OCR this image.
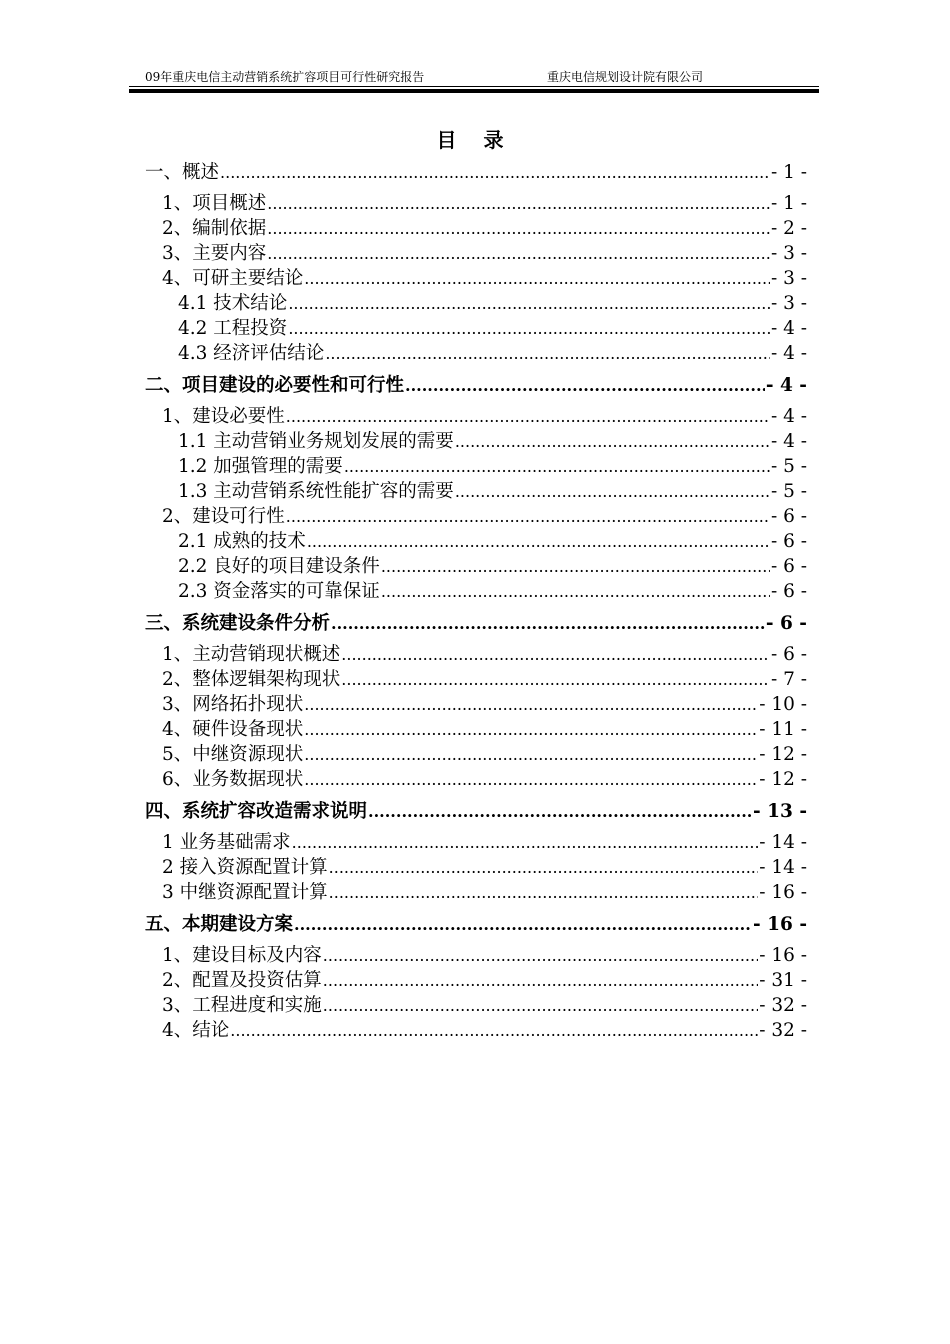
09年重庆电信主动营销系统扩容项目可行性研究报告	重庆电信规划设计院有限公司
目 录
一、概述 .....	- 1 -
1、项目概述 .....	- 1 -
2、编制依据 .....	- 2 -
3、主要内容 .....	- 3 -
4、可研主要结论 .....	- 3 -
4.1 技术结论 .....	- 3 -
4.2 工程投资 .....	- 4 -
4.3 经济评估结论 .....	- 4 -
二、项目建设的必要性和可行性 .....	- 4 -
1、建设必要性 .....	- 4 -
1.1 主动营销业务规划发展的需要 .....	- 4 -
1.2 加强管理的需要 .....	- 5 -
1.3 主动营销系统性能扩容的需要 .....	- 5 -
2、建设可行性 .....	- 6 -
2.1 成熟的技术 .....	- 6 -
2.2 良好的项目建设条件 .....	- 6 -
2.3 资金落实的可靠保证 .....	- 6 -
三、系统建设条件分析 .....	- 6 -
1、主动营销现状概述 .....	- 6 -
2、整体逻辑架构现状 .....	- 7 -
3、网络拓扑现状 .....	- 10 -
4、硬件设备现状 .....	- 11 -
5、中继资源现状 .....	- 12 -
6、业务数据现状 .....	- 12 -
四、系统扩容改造需求说明 .....	- 13 -
1 业务基础需求 .....	- 14 -
2 接入资源配置计算 .....	- 14 -
3 中继资源配置计算 .....	- 16 -
五、本期建设方案 .....	- 16 -
1、建设目标及内容 .....	- 16 -
2、配置及投资估算 .....	- 31 -
3、工程进度和实施 .....	- 32 -
4、结论 .....	- 32 -
